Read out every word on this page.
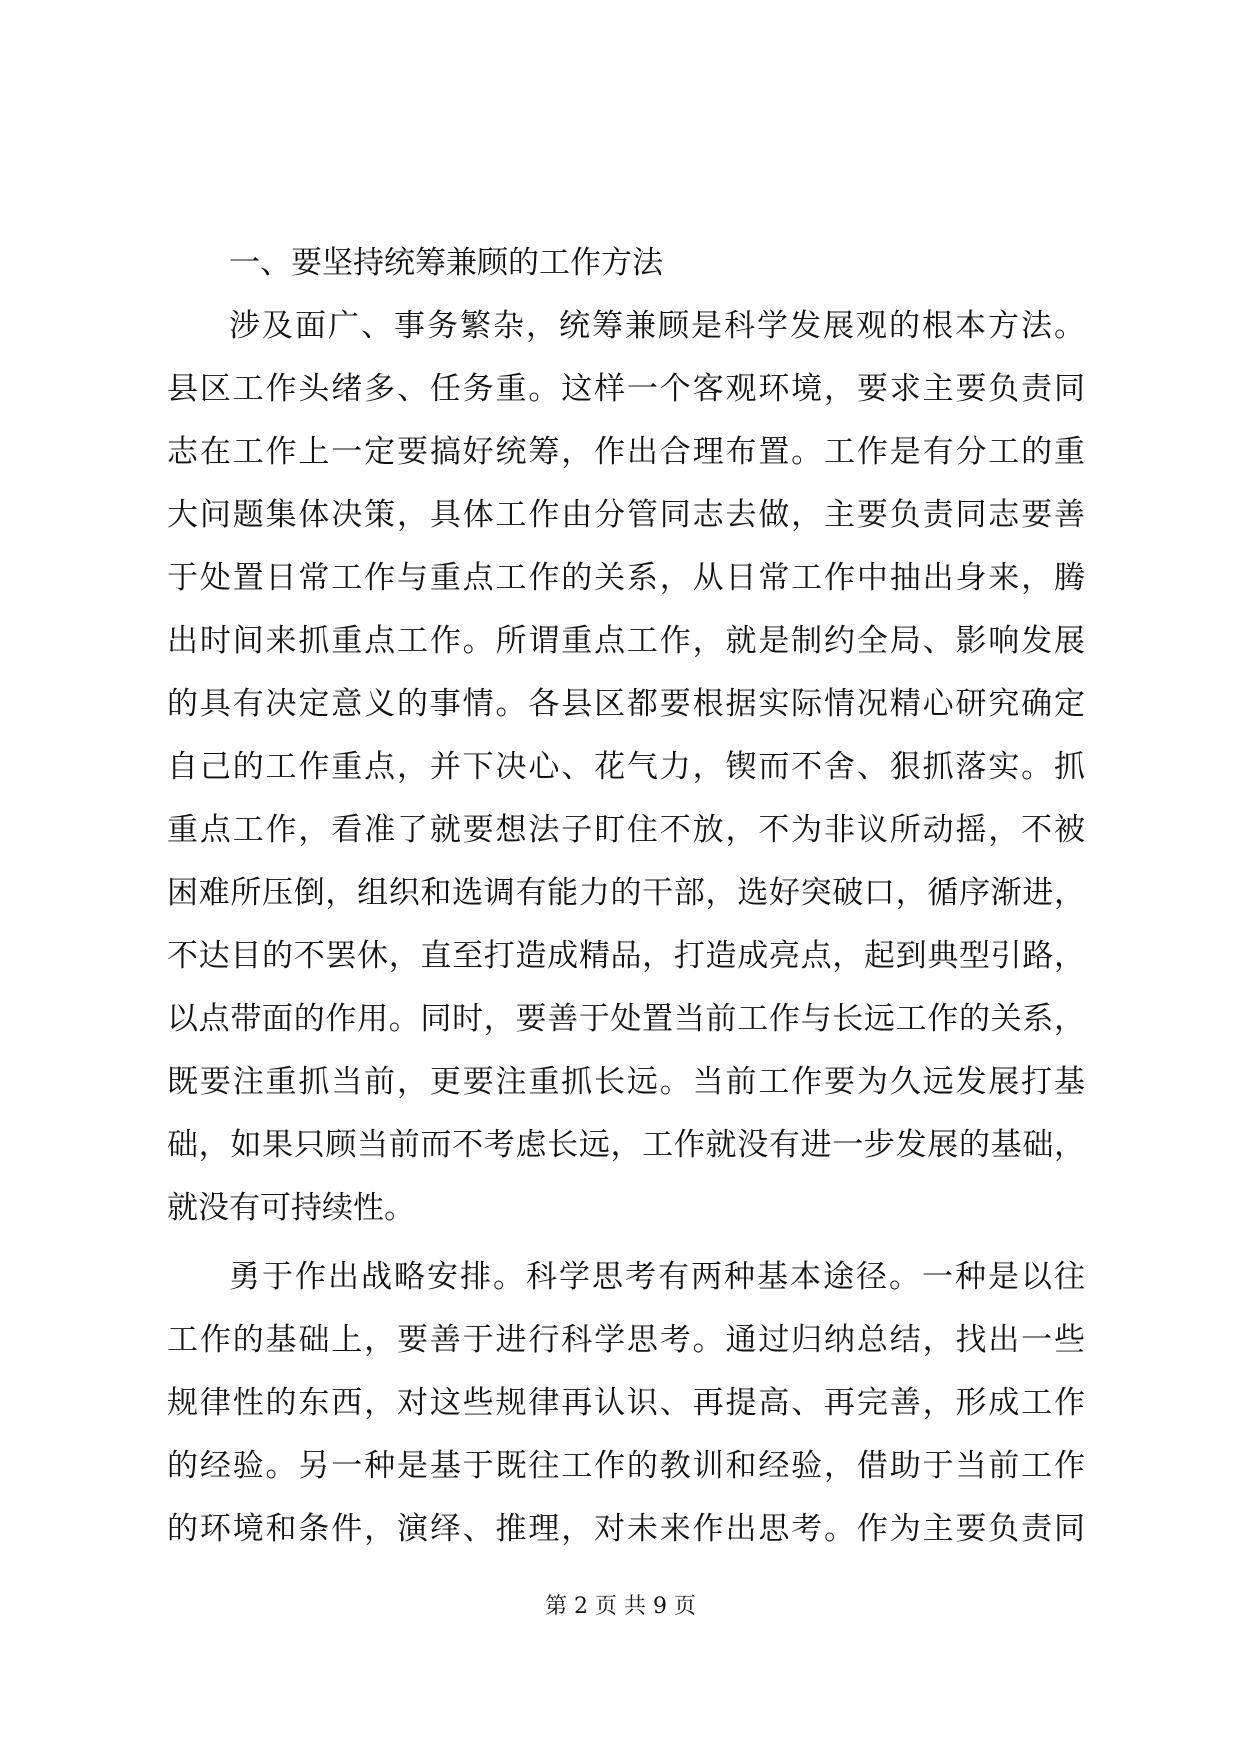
一、要坚持统筹兼顾的工作方法
涉及面广、事务繁杂，统筹兼顾是科学发展观的根本方法。
县区工作头绪多、任务重。这样一个客观环境，要求主要负责同
志在工作上一定要搞好统筹，作出合理布置。工作是有分工的重
大问题集体决策，具体工作由分管同志去做，主要负责同志要善
于处置日常工作与重点工作的关系，从日常工作中抽出身来，腾
出时间来抓重点工作。所谓重点工作，就是制约全局、影响发展
的具有决定意义的事情。各县区都要根据实际情况精心研究确定
自己的工作重点，并下决心、花气力，锲而不舍、狠抓落实。抓
重点工作，看准了就要想法子盯住不放，不为非议所动摇，不被
困难所压倒，组织和选调有能力的干部，选好突破口，循序渐进，
不达目的不罢休，直至打造成精品，打造成亮点，起到典型引路，
以点带面的作用。同时，要善于处置当前工作与长远工作的关系，
既要注重抓当前，更要注重抓长远。当前工作要为久远发展打基
础，如果只顾当前而不考虑长远，工作就没有进一步发展的基础，
就没有可持续性。
勇于作出战略安排。科学思考有两种基本途径。一种是以往
工作的基础上，要善于进行科学思考。通过归纳总结，找出一些
规律性的东西，对这些规律再认识、再提高、再完善，形成工作
的经验。另一种是基于既往工作的教训和经验，借助于当前工作
的环境和条件，演绎、推理，对未来作出思考。作为主要负责同
第 2 页 共 9 页
